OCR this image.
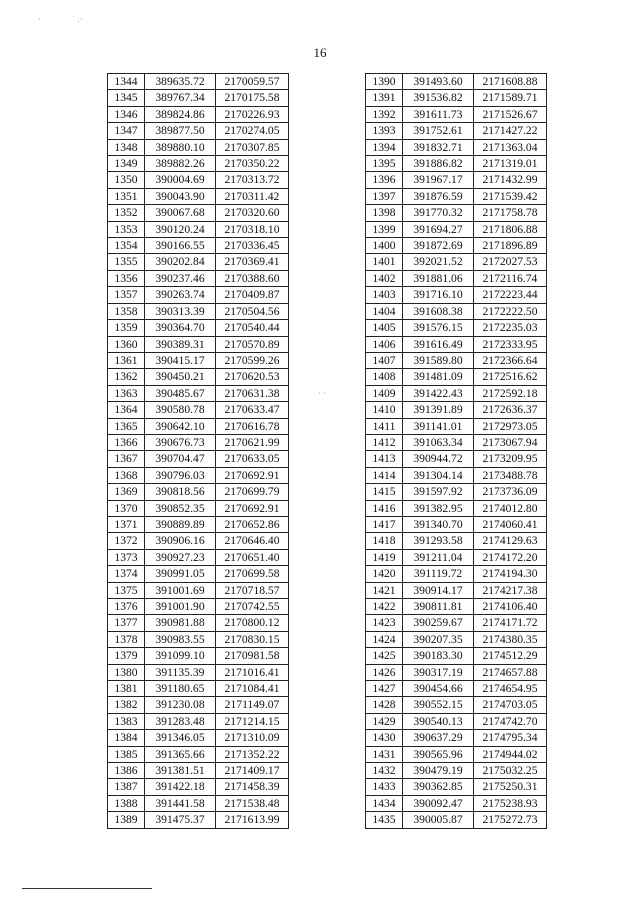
· ˙	˙ .·
· ·
16
1344	389635.72	2170059.57
1345	389767.34	2170175.58
1346	389824.86	2170226.93
1347	389877.50	2170274.05
1348	389880.10	2170307.85
1349	389882.26	2170350.22
1350	390004.69	2170313.72
1351	390043.90	2170311.42
1352	390067.68	2170320.60
1353	390120.24	2170318.10
1354	390166.55	2170336.45
1355	390202.84	2170369.41
1356	390237.46	2170388.60
1357	390263.74	2170409.87
1358	390313.39	2170504.56
1359	390364.70	2170540.44
1360	390389.31	2170570.89
1361	390415.17	2170599.26
1362	390450.21	2170620.53
1363	390485.67	2170631.38
1364	390580.78	2170633.47
1365	390642.10	2170616.78
1366	390676.73	2170621.99
1367	390704.47	2170633.05
1368	390796.03	2170692.91
1369	390818.56	2170699.79
1370	390852.35	2170692.91
1371	390889.89	2170652.86
1372	390906.16	2170646.40
1373	390927.23	2170651.40
1374	390991.05	2170699.58
1375	391001.69	2170718.57
1376	391001.90	2170742.55
1377	390981.88	2170800.12
1378	390983.55	2170830.15
1379	391099.10	2170981.58
1380	391135.39	2171016.41
1381	391180.65	2171084.41
1382	391230.08	2171149.07
1383	391283.48	2171214.15
1384	391346.05	2171310.09
1385	391365.66	2171352.22
1386	391381.51	2171409.17
1387	391422.18	2171458.39
1388	391441.58	2171538.48
1389	391475.37	2171613.99
1390	391493.60	2171608.88
1391	391536.82	2171589.71
1392	391611.73	2171526.67
1393	391752.61	2171427.22
1394	391832.71	2171363.04
1395	391886.82	2171319.01
1396	391967.17	2171432.99
1397	391876.59	2171539.42
1398	391770.32	2171758.78
1399	391694.27	2171806.88
1400	391872.69	2171896.89
1401	392021.52	2172027.53
1402	391881.06	2172116.74
1403	391716.10	2172223.44
1404	391608.38	2172222.50
1405	391576.15	2172235.03
1406	391616.49	2172333.95
1407	391589.80	2172366.64
1408	391481.09	2172516.62
1409	391422.43	2172592.18
1410	391391.89	2172636.37
1411	391141.01	2172973.05
1412	391063.34	2173067.94
1413	390944.72	2173209.95
1414	391304.14	2173488.78
1415	391597.92	2173736.09
1416	391382.95	2174012.80
1417	391340.70	2174060.41
1418	391293.58	2174129.63
1419	391211.04	2174172.20
1420	391119.72	2174194.30
1421	390914.17	2174217.38
1422	390811.81	2174106.40
1423	390259.67	2174171.72
1424	390207.35	2174380.35
1425	390183.30	2174512.29
1426	390317.19	2174657.88
1427	390454.66	2174654.95
1428	390552.15	2174703.05
1429	390540.13	2174742.70
1430	390637.29	2174795.34
1431	390565.96	2174944.02
1432	390479.19	2175032.25
1433	390362.85	2175250.31
1434	390092.47	2175238.93
1435	390005.87	2175272.73
